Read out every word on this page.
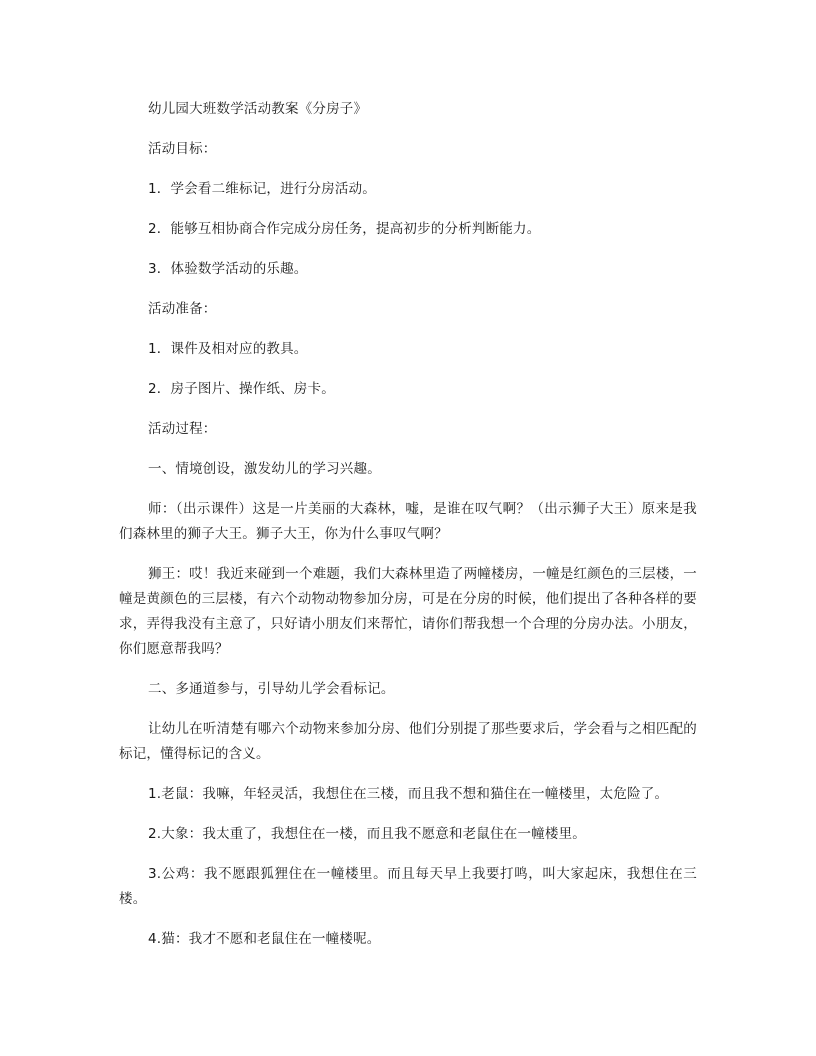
幼儿园大班数学活动教案《分房子》

活动目标：

1．学会看二维标记，进行分房活动。

2．能够互相协商合作完成分房任务，提高初步的分析判断能力。

3．体验数学活动的乐趣。

活动准备：

1．课件及相对应的教具。

2．房子图片、操作纸、房卡。

活动过程：

一、情境创设，激发幼儿的学习兴趣。

师：（出示课件）这是一片美丽的大森林，嘘，是谁在叹气啊？（出示狮子大王）原来是我们森林里的狮子大王。狮子大王，你为什么事叹气啊？

狮王：哎！我近来碰到一个难题，我们大森林里造了两幢楼房，一幢是红颜色的三层楼，一幢是黄颜色的三层楼，有六个动物动物参加分房，可是在分房的时候，他们提出了各种各样的要求，弄得我没有主意了，只好请小朋友们来帮忙，请你们帮我想一个合理的分房办法。小朋友，你们愿意帮我吗？

二、多通道参与，引导幼儿学会看标记。

让幼儿在听清楚有哪六个动物来参加分房、他们分别提了那些要求后，学会看与之相匹配的标记，懂得标记的含义。

1.老鼠：我嘛，年轻灵活，我想住在三楼，而且我不想和猫住在一幢楼里，太危险了。

2.大象：我太重了，我想住在一楼，而且我不愿意和老鼠住在一幢楼里。

3.公鸡：我不愿跟狐狸住在一幢楼里。而且每天早上我要打鸣，叫大家起床，我想住在三楼。

4.猫：我才不愿和老鼠住在一幢楼呢。
